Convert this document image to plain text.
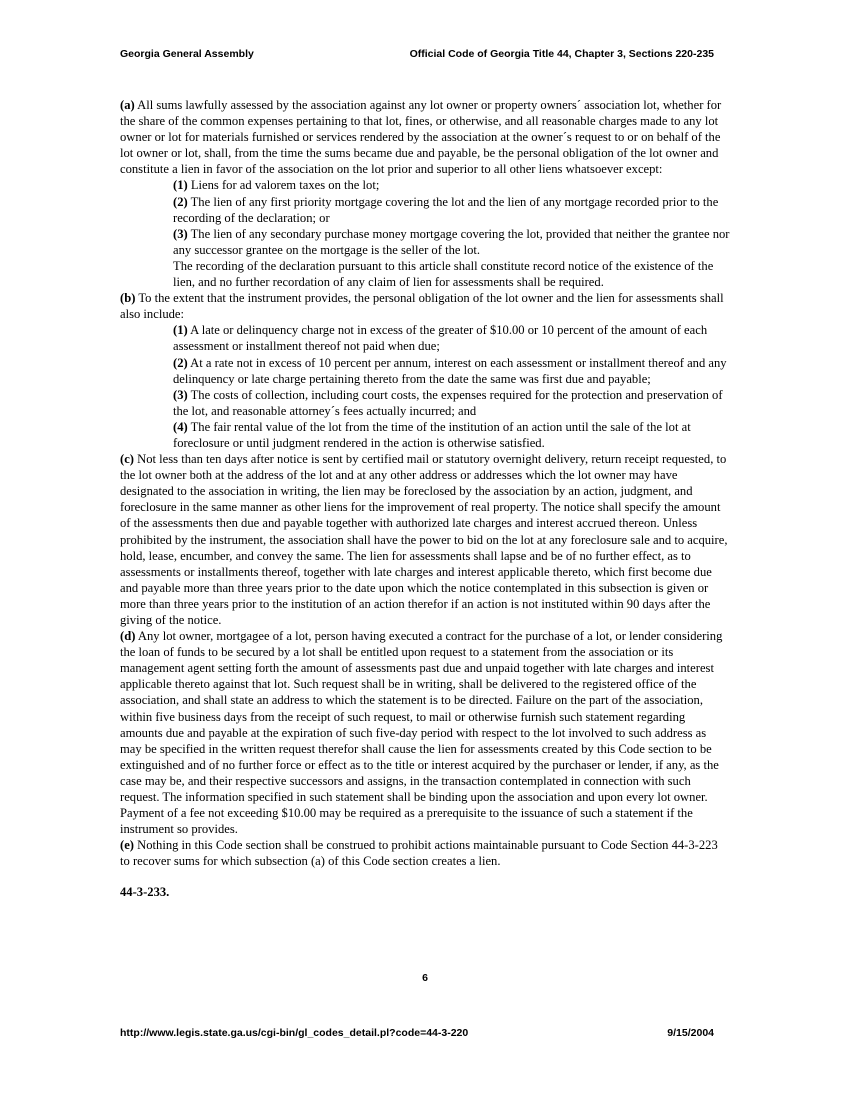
Georgia General Assembly	Official Code of Georgia Title 44, Chapter 3, Sections 220-235

(a) All sums lawfully assessed by the association against any lot owner or property owners´ association lot, whether for the share of the common expenses pertaining to that lot, fines, or otherwise, and all reasonable charges made to any lot owner or lot for materials furnished or services rendered by the association at the owner´s request to or on behalf of the lot owner or lot, shall, from the time the sums became due and payable, be the personal obligation of the lot owner and constitute a lien in favor of the association on the lot prior and superior to all other liens whatsoever except:

(1) Liens for ad valorem taxes on the lot;

(2) The lien of any first priority mortgage covering the lot and the lien of any mortgage recorded prior to the recording of the declaration; or

(3) The lien of any secondary purchase money mortgage covering the lot, provided that neither the grantee nor any successor grantee on the mortgage is the seller of the lot.

The recording of the declaration pursuant to this article shall constitute record notice of the existence of the lien, and no further recordation of any claim of lien for assessments shall be required.

(b) To the extent that the instrument provides, the personal obligation of the lot owner and the lien for assessments shall also include:

(1) A late or delinquency charge not in excess of the greater of $10.00 or 10 percent of the amount of each assessment or installment thereof not paid when due;

(2) At a rate not in excess of 10 percent per annum, interest on each assessment or installment thereof and any delinquency or late charge pertaining thereto from the date the same was first due and payable;

(3) The costs of collection, including court costs, the expenses required for the protection and preservation of the lot, and reasonable attorney´s fees actually incurred; and

(4) The fair rental value of the lot from the time of the institution of an action until the sale of the lot at foreclosure or until judgment rendered in the action is otherwise satisfied.

(c) Not less than ten days after notice is sent by certified mail or statutory overnight delivery, return receipt requested, to the lot owner both at the address of the lot and at any other address or addresses which the lot owner may have designated to the association in writing, the lien may be foreclosed by the association by an action, judgment, and foreclosure in the same manner as other liens for the improvement of real property. The notice shall specify the amount of the assessments then due and payable together with authorized late charges and interest accrued thereon. Unless prohibited by the instrument, the association shall have the power to bid on the lot at any foreclosure sale and to acquire, hold, lease, encumber, and convey the same. The lien for assessments shall lapse and be of no further effect, as to assessments or installments thereof, together with late charges and interest applicable thereto, which first become due and payable more than three years prior to the date upon which the notice contemplated in this subsection is given or more than three years prior to the institution of an action therefor if an action is not instituted within 90 days after the giving of the notice.

(d) Any lot owner, mortgagee of a lot, person having executed a contract for the purchase of a lot, or lender considering the loan of funds to be secured by a lot shall be entitled upon request to a statement from the association or its management agent setting forth the amount of assessments past due and unpaid together with late charges and interest applicable thereto against that lot. Such request shall be in writing, shall be delivered to the registered office of the association, and shall state an address to which the statement is to be directed. Failure on the part of the association, within five business days from the receipt of such request, to mail or otherwise furnish such statement regarding amounts due and payable at the expiration of such five-day period with respect to the lot involved to such address as may be specified in the written request therefor shall cause the lien for assessments created by this Code section to be extinguished and of no further force or effect as to the title or interest acquired by the purchaser or lender, if any, as the case may be, and their respective successors and assigns, in the transaction contemplated in connection with such request. The information specified in such statement shall be binding upon the association and upon every lot owner. Payment of a fee not exceeding $10.00 may be required as a prerequisite to the issuance of such a statement if the instrument so provides.

(e) Nothing in this Code section shall be construed to prohibit actions maintainable pursuant to Code Section 44-3-223 to recover sums for which subsection (a) of this Code section creates a lien.

44-3-233.

6
http://www.legis.state.ga.us/cgi-bin/gl_codes_detail.pl?code=44-3-220	9/15/2004
